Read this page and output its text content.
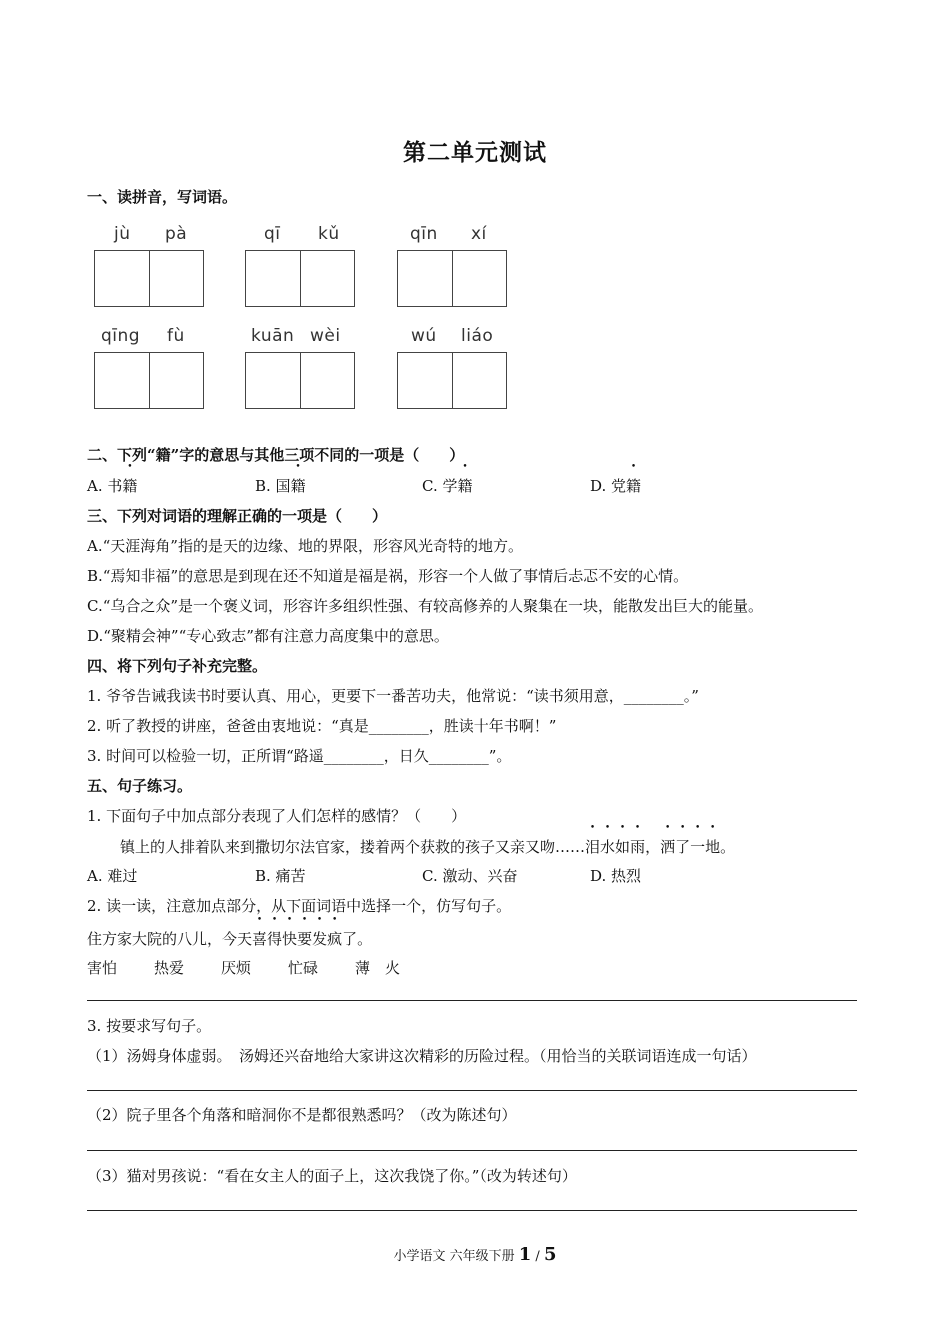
第二单元测试
一、读拼音，写词语。
jù pà	qī kǔ	qīn xí
qīng fù	kuān wèi	wú liáo
二、下列“籍”字的意思与其他三项不同的一项是（　　）
A. 书籍	B. 国籍	C. 学籍	D. 党籍
三、下列对词语的理解正确的一项是（　　）
A.“天涯海角”指的是天的边缘、地的界限，形容风光奇特的地方。
B.“焉知非福”的意思是到现在还不知道是福是祸，形容一个人做了事情后忐忑不安的心情。
C.“乌合之众”是一个褒义词，形容许多组织性强、有较高修养的人聚集在一块，能散发出巨大的能量。
D.“聚精会神”“专心致志”都有注意力高度集中的意思。
四、将下列句子补充完整。
1. 爷爷告诫我读书时要认真、用心，更要下一番苦功夫，他常说：“读书须用意，________。”
2. 听了教授的讲座，爸爸由衷地说：“真是________，胜读十年书啊！”
3. 时间可以检验一切，正所谓“路遥________，日久________”。
五、句子练习。
1. 下面句子中加点部分表现了人们怎样的感情？（　　）
镇上的人排着队来到撒切尔法官家，搂着两个获救的孩子又亲又吻……泪水如雨，洒了一地。
A. 难过	B. 痛苦	C. 激动、兴奋	D. 热烈
2. 读一读，注意加点部分，从下面词语中选择一个，仿写句子。
住方家大院的八儿，今天喜得快要发疯了。
害怕 热爱 厌烦 忙碌 薄　火
3. 按要求写句子。
（1）汤姆身体虚弱。　汤姆还兴奋地给大家讲这次精彩的历险过程。（用恰当的关联词语连成一句话）
（2）院子里各个角落和暗洞你不是都很熟悉吗？（改为陈述句）
（3）猫对男孩说：“看在女主人的面子上，这次我饶了你。”（改为转述句）
小学语文 六年级下册 1 / 5
